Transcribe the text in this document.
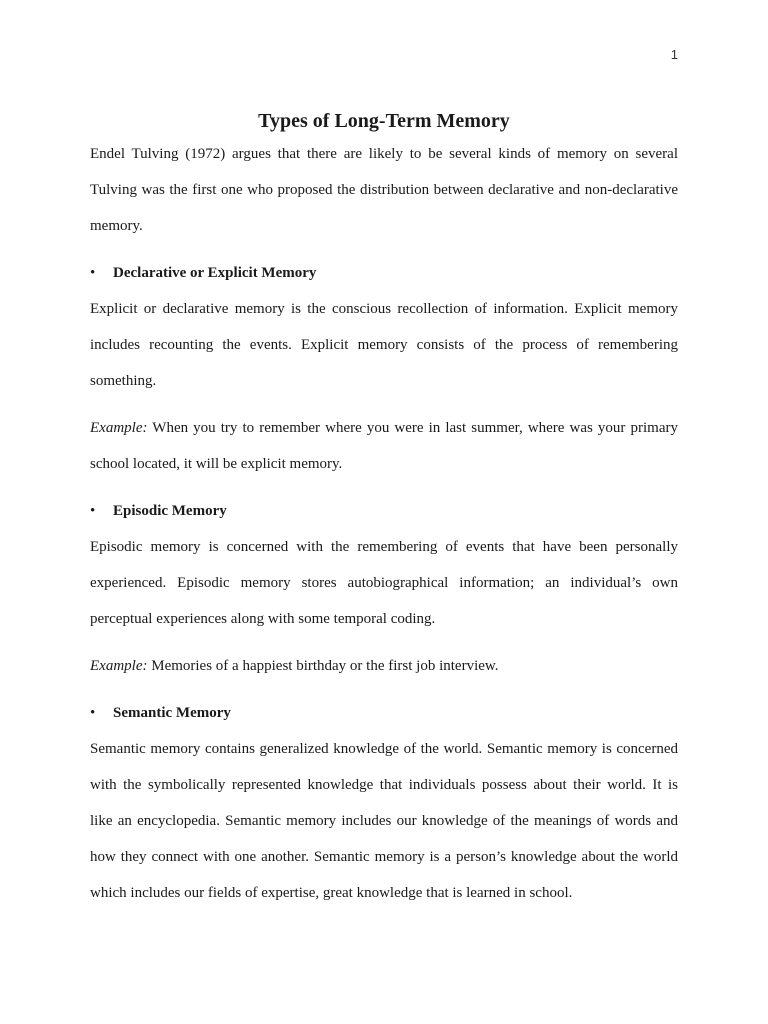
1
Types of Long-Term Memory

Endel Tulving (1972) argues that there are likely to be several kinds of memory on several
Tulving was the first one who proposed the distribution between declarative and non-declarative
memory.

• Declarative or Explicit Memory

Explicit or declarative memory is the conscious recollection of information. Explicit memory
includes recounting the events. Explicit memory consists of the process of remembering
something.

Example: When you try to remember where you were in last summer, where was your primary
school located, it will be explicit memory.

• Episodic Memory

Episodic memory is concerned with the remembering of events that have been personally
experienced. Episodic memory stores autobiographical information; an individual’s own
perceptual experiences along with some temporal coding.

Example: Memories of a happiest birthday or the first job interview.

• Semantic Memory

Semantic memory contains generalized knowledge of the world. Semantic memory is concerned
with the symbolically represented knowledge that individuals possess about their world. It is
like an encyclopedia. Semantic memory includes our knowledge of the meanings of words and
how they connect with one another. Semantic memory is a person’s knowledge about the world
which includes our fields of expertise, great knowledge that is learned in school.
